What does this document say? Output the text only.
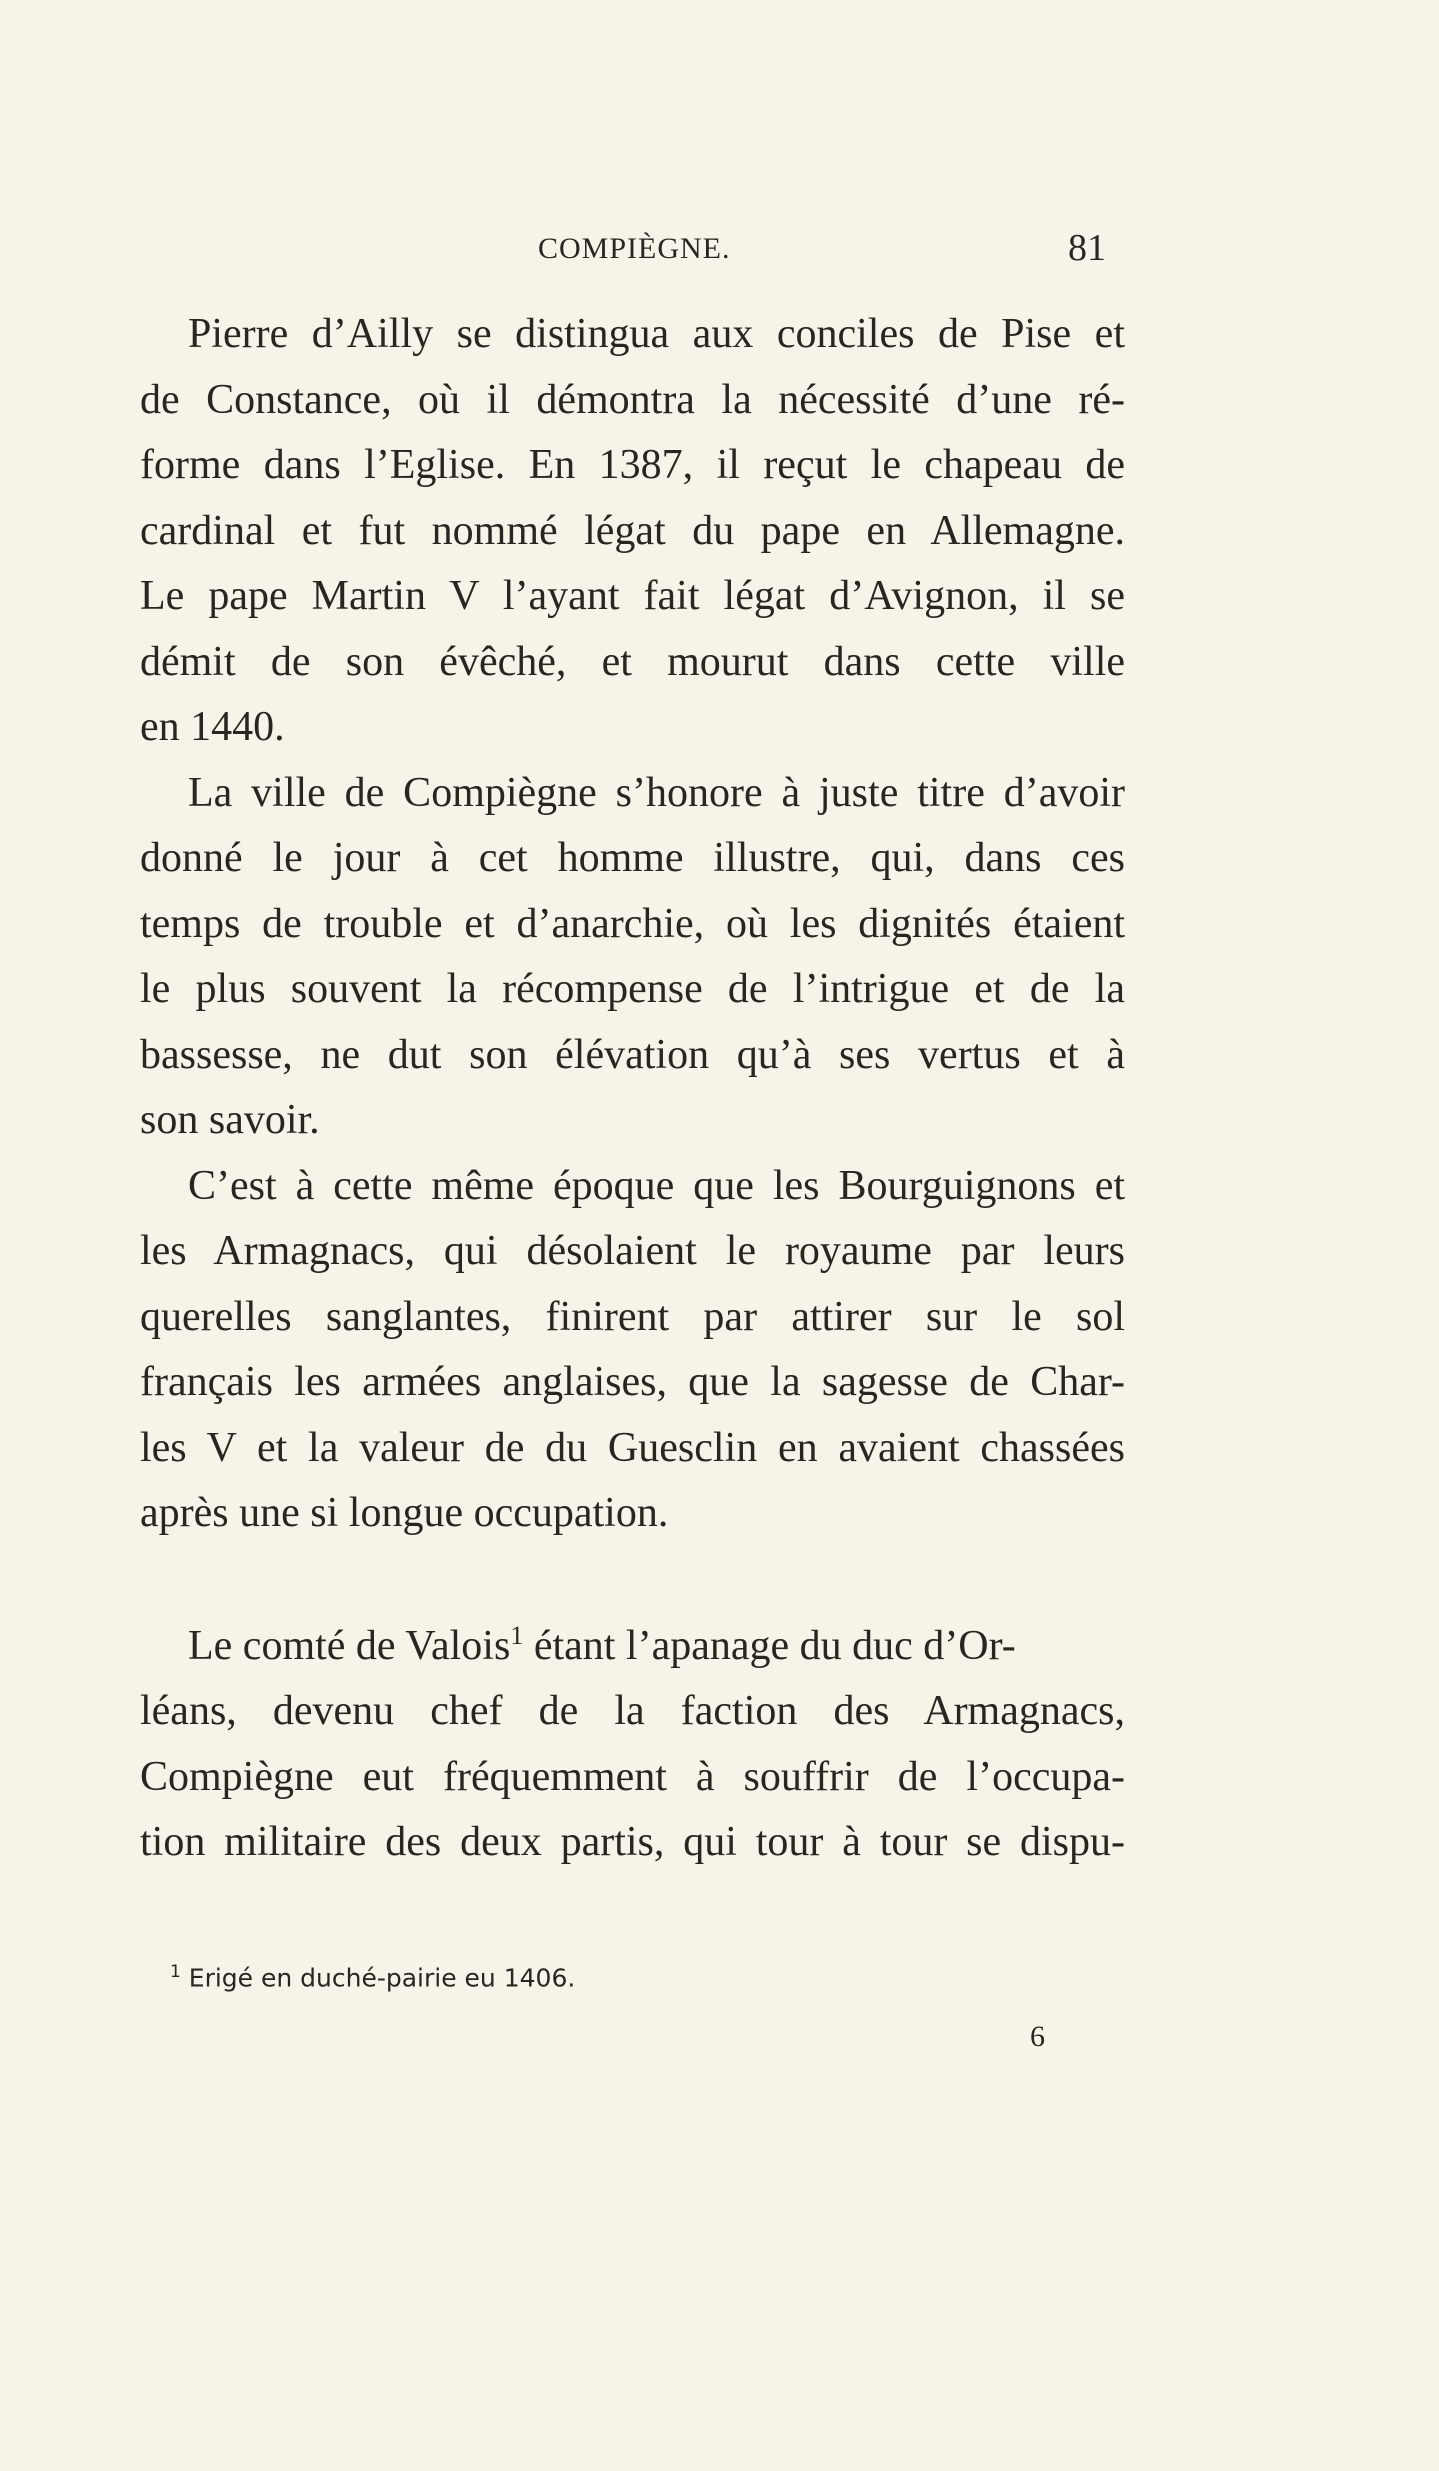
COMPIÈGNE.	81
Pierre d’Ailly se distingua aux conciles de Pise et
de Constance, où il démontra la nécessité d’une ré-
forme dans l’Eglise. En 1387, il reçut le chapeau de
cardinal et fut nommé légat du pape en Allemagne.
Le pape Martin V l’ayant fait légat d’Avignon, il se
démit de son évêché, et mourut dans cette ville
en 1440.
La ville de Compiègne s’honore à juste titre d’avoir
donné le jour à cet homme illustre, qui, dans ces
temps de trouble et d’anarchie, où les dignités étaient
le plus souvent la récompense de l’intrigue et de la
bassesse, ne dut son élévation qu’à ses vertus et à
son savoir.
C’est à cette même époque que les Bourguignons et
les Armagnacs, qui désolaient le royaume par leurs
querelles sanglantes, finirent par attirer sur le sol
français les armées anglaises, que la sagesse de Char-
les V et la valeur de du Guesclin en avaient chassées
après une si longue occupation.
Le comté de Valois$^1$ étant l’apanage du duc d’Or-
léans, devenu chef de la faction des Armagnacs,
Compiègne eut fréquemment à souffrir de l’occupa-
tion militaire des deux partis, qui tour à tour se dispu-
$^1$ Erigé en duché-pairie eu 1406.
6
